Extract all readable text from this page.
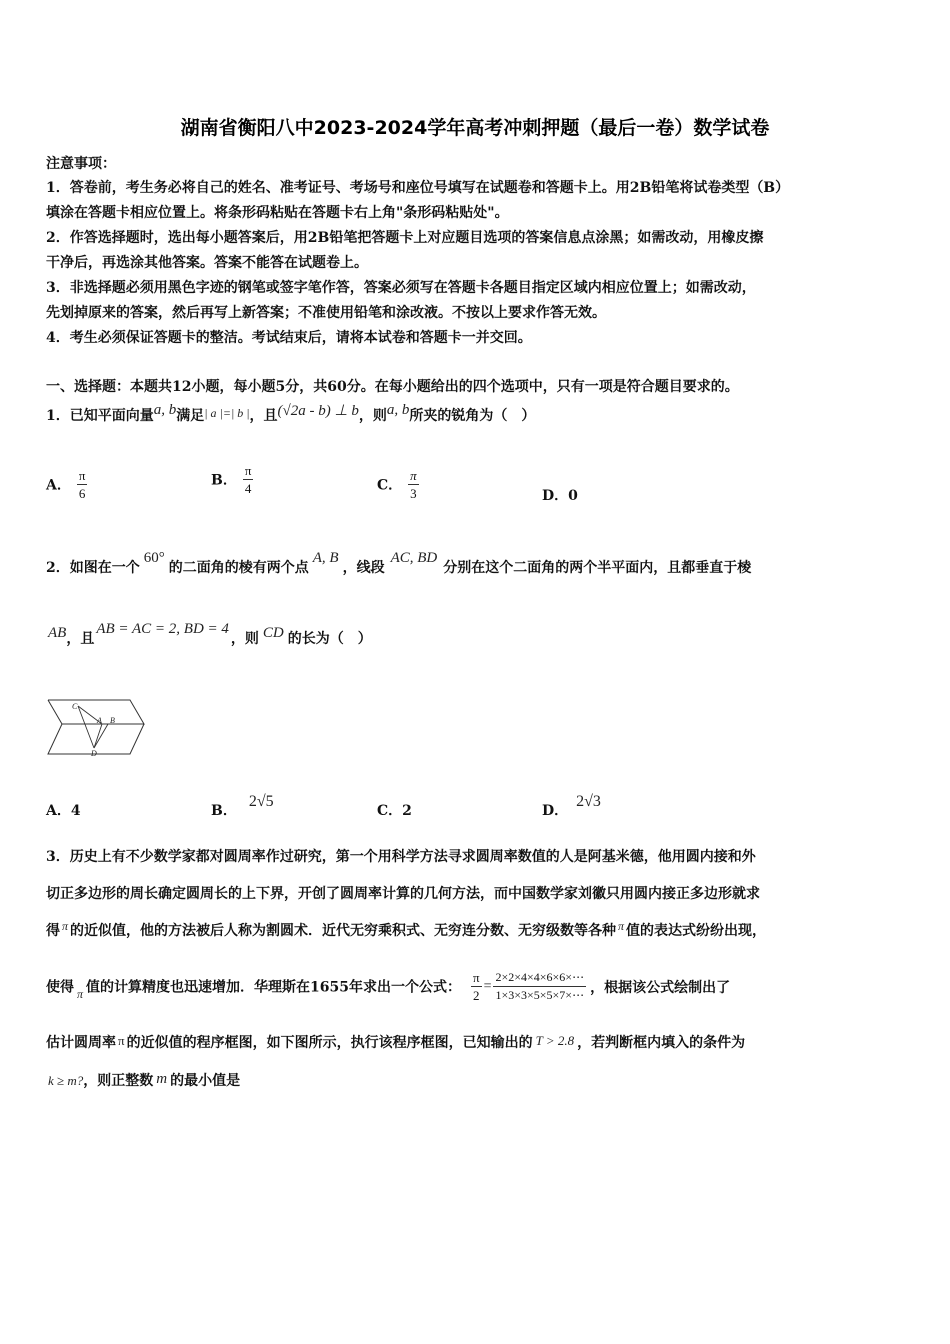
湖南省衡阳八中2023-2024学年高考冲刺押题（最后一卷）数学试卷
注意事项：
1．答卷前，考生务必将自己的姓名、准考证号、考场号和座位号填写在试题卷和答题卡上。用2B铅笔将试卷类型（B）
填涂在答题卡相应位置上。将条形码粘贴在答题卡右上角"条形码粘贴处"。
2．作答选择题时，选出每小题答案后，用2B铅笔把答题卡上对应题目选项的答案信息点涂黑；如需改动，用橡皮擦
干净后，再选涂其他答案。答案不能答在试题卷上。
3．非选择题必须用黑色字迹的钢笔或签字笔作答，答案必须写在答题卡各题目指定区域内相应位置上；如需改动，
先划掉原来的答案，然后再写上新答案；不准使用铅笔和涂改液。不按以上要求作答无效。
4．考生必须保证答题卡的整洁。考试结束后，请将本试卷和答题卡一并交回。
一、选择题：本题共12小题，每小题5分，共60分。在每小题给出的四个选项中，只有一项是符合题目要求的。
1．已知平面向量a, b满足| a |=| b |，且(√2a - b) ⊥ b，则a, b所夹的锐角为（　）
A． $\frac{\pi}{6}$	B． $\frac{\pi}{4}$	C． $\frac{\pi}{3}$	D．0
2．如图在一个60°的二面角的棱有两个点A, B，线段AC, BD分别在这个二面角的两个半平面内，且都垂直于棱
AB，且AB = AC = 2, BD = 4，则 CD 的长为（　）
C
A B
D
A．4	B．2√5
C．2	D．2√3
3．历史上有不少数学家都对圆周率作过研究，第一个用科学方法寻求圆周率数值的人是阿基米德，他用圆内接和外
切正多边形的周长确定圆周长的上下界，开创了圆周率计算的几何方法，而中国数学家刘徽只用圆内接正多边形就求
得 π 的近似值，他的方法被后人称为割圆术．近代无穷乘积式、无穷连分数、无穷级数等各种 π 值的表达式纷纷出现，
使得 π 值的计算精度也迅速增加．华理斯在1655年求出一个公式： $\frac{\pi}{2} = \frac{2\times 2\times 4\times 4\times 6\times 6\times\cdots}{1\times 3\times 3\times 5\times 5\times 7\times\cdots}$ ，根据该公式绘制出了
估计圆周率 π 的近似值的程序框图，如下图所示，执行该程序框图，已知输出的 T > 2.8 ，若判断框内填入的条件为
k ≥ m?，则正整数 m 的最小值是
